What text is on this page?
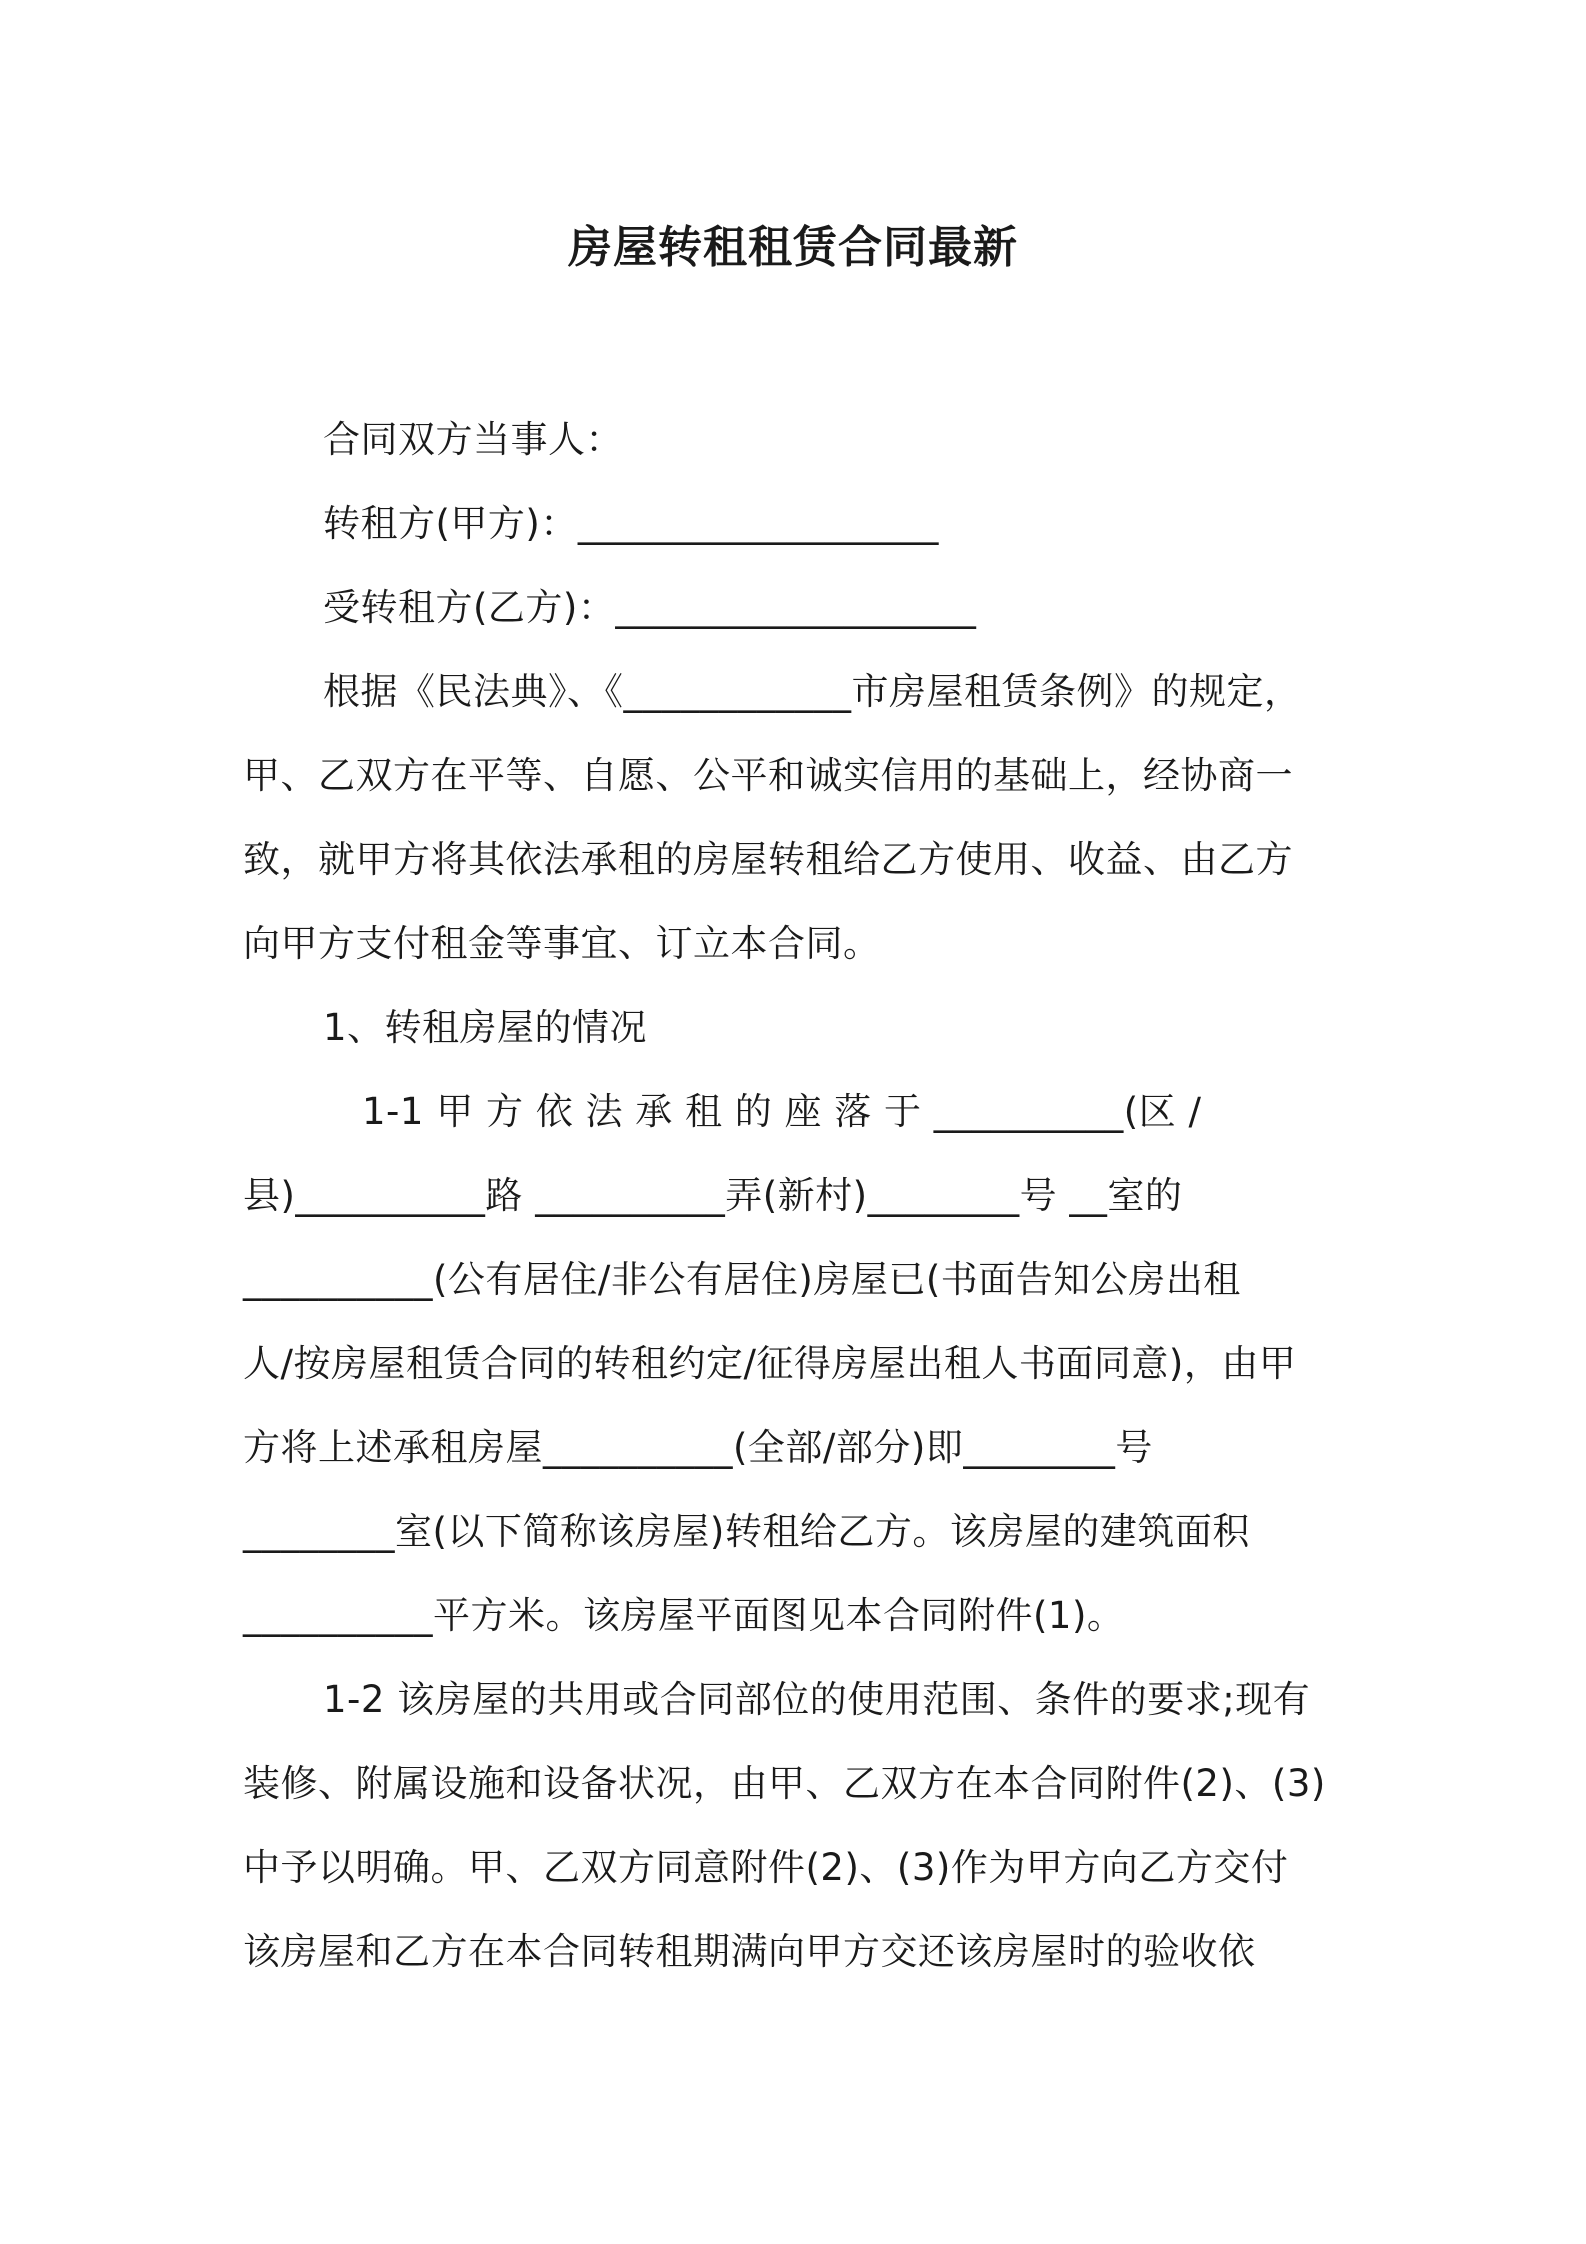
房屋转租租赁合同最新
合同双方当事人：
转租方(甲方)：___________________
受转租方(乙方)：___________________
根据《民法典》、《____________市房屋租赁条例》的规定，
甲、乙双方在平等、自愿、公平和诚实信用的基础上，经协商一
致，就甲方将其依法承租的房屋转租给乙方使用、收益、由乙方
向甲方支付租金等事宜、订立本合同。
1、转租房屋的情况
1-1 甲 方 依 法 承 租 的 座 落 于 __________(区 /
县)__________路 __________弄(新村)________号 __室的
__________(公有居住/非公有居住)房屋已(书面告知公房出租
人/按房屋租赁合同的转租约定/征得房屋出租人书面同意)，由甲
方将上述承租房屋__________(全部/部分)即________号
________室(以下简称该房屋)转租给乙方。该房屋的建筑面积
__________平方米。该房屋平面图见本合同附件(1)。
1-2 该房屋的共用或合同部位的使用范围、条件的要求;现有
装修、附属设施和设备状况，由甲、乙双方在本合同附件(2)、(3)
中予以明确。甲、乙双方同意附件(2)、(3)作为甲方向乙方交付
该房屋和乙方在本合同转租期满向甲方交还该房屋时的验收依
